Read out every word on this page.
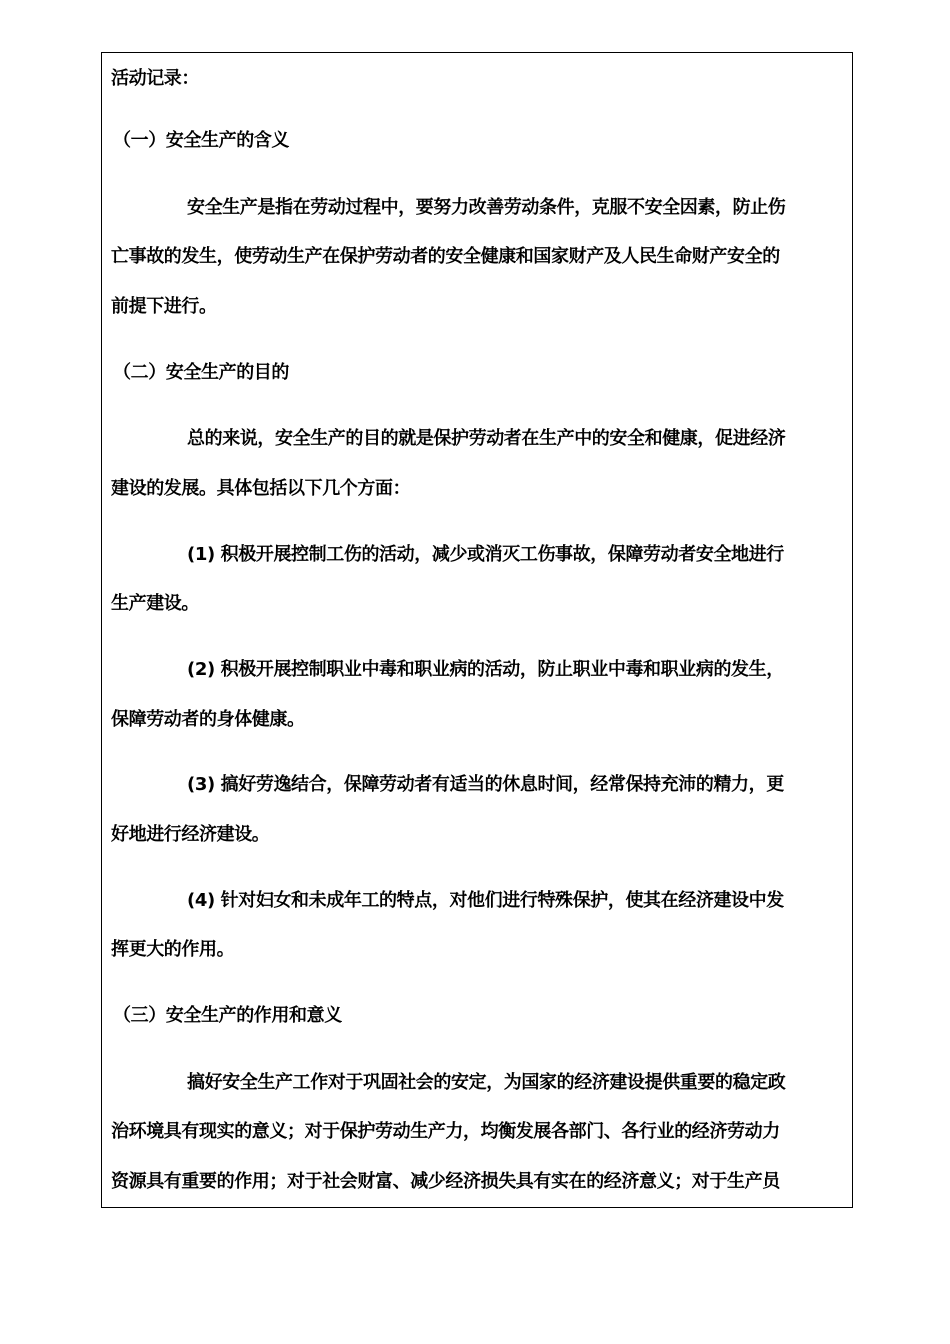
活动记录：
（一）安全生产的含义
安全生产是指在劳动过程中，要努力改善劳动条件，克服不安全因素，防止伤
亡事故的发生，使劳动生产在保护劳动者的安全健康和国家财产及人民生命财产安全的
前提下进行。
（二）安全生产的目的
总的来说，安全生产的目的就是保护劳动者在生产中的安全和健康，促进经济
建设的发展。具体包括以下几个方面：
(1) 积极开展控制工伤的活动，减少或消灭工伤事故，保障劳动者安全地进行
生产建设。
(2) 积极开展控制职业中毒和职业病的活动，防止职业中毒和职业病的发生，
保障劳动者的身体健康。
(3) 搞好劳逸结合，保障劳动者有适当的休息时间，经常保持充沛的精力，更
好地进行经济建设。
(4) 针对妇女和未成年工的特点，对他们进行特殊保护，使其在经济建设中发
挥更大的作用。
（三）安全生产的作用和意义
搞好安全生产工作对于巩固社会的安定，为国家的经济建设提供重要的稳定政
治环境具有现实的意义；对于保护劳动生产力，均衡发展各部门、各行业的经济劳动力
资源具有重要的作用；对于社会财富、减少经济损失具有实在的经济意义；对于生产员
